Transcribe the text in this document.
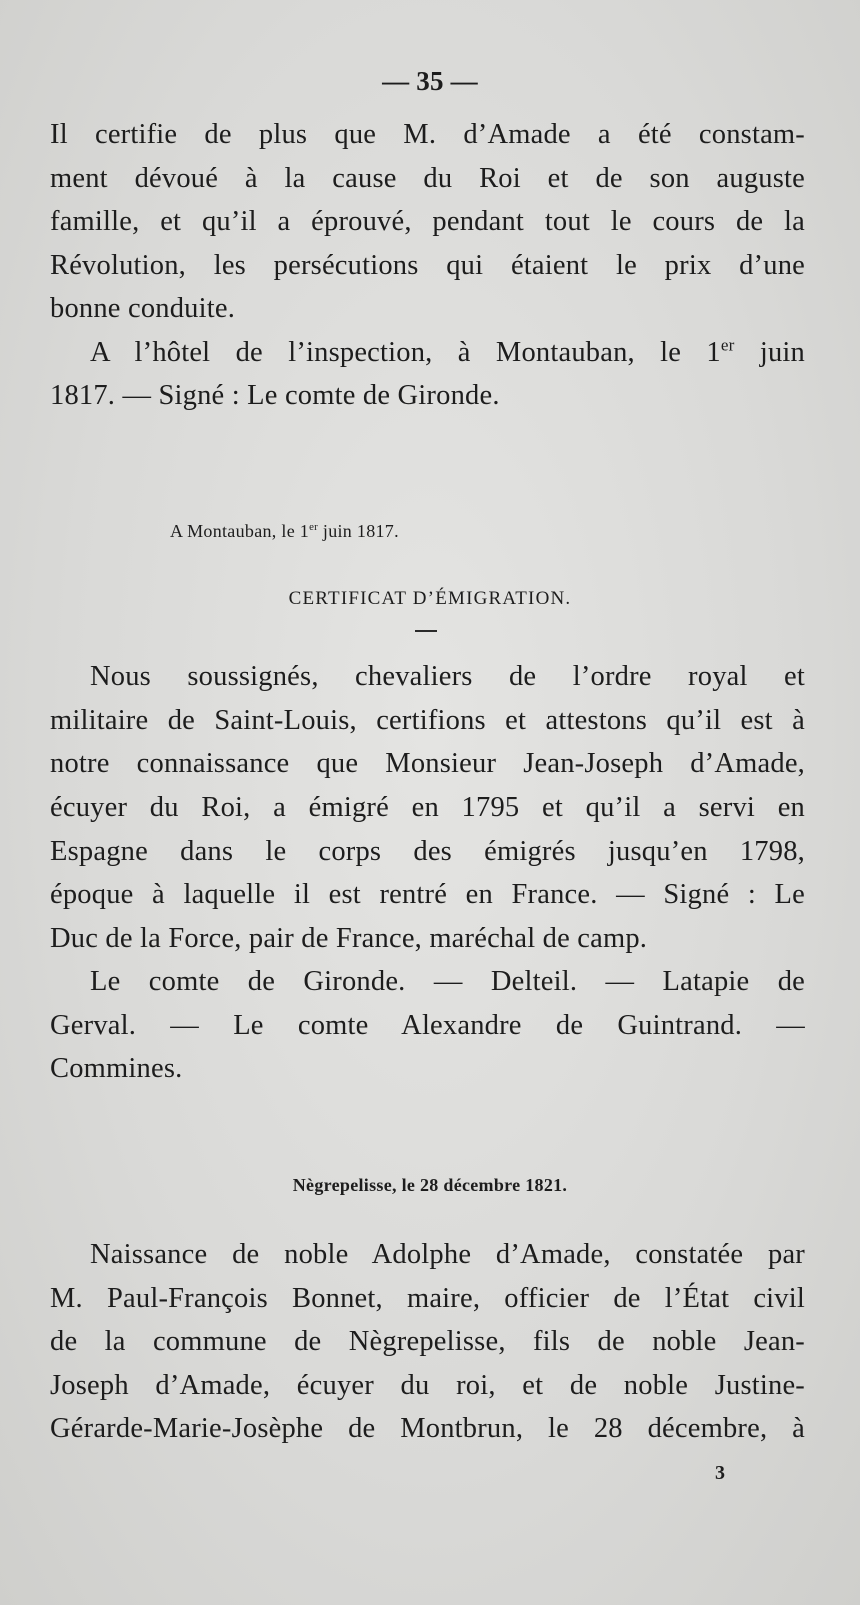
— 35 —
Il certifie de plus que M. d’Amade a été constam-
ment dévoué à la cause du Roi et de son auguste
famille, et qu’il a éprouvé, pendant tout le cours de la
Révolution, les persécutions qui étaient le prix d’une
bonne conduite.
A l’hôtel de l’inspection, à Montauban, le 1er juin
1817. — Signé : Le comte de Gironde.
A Montauban, le 1er juin 1817.
CERTIFICAT D’ÉMIGRATION.
Nous soussignés, chevaliers de l’ordre royal et
militaire de Saint-Louis, certifions et attestons qu’il est à
notre connaissance que Monsieur Jean-Joseph d’Amade,
écuyer du Roi, a émigré en 1795 et qu’il a servi en
Espagne dans le corps des émigrés jusqu’en 1798,
époque à laquelle il est rentré en France. — Signé : Le
Duc de la Force, pair de France, maréchal de camp.
Le comte de Gironde. — Delteil. — Latapie de
Gerval. — Le comte Alexandre de Guintrand. —
Commines.
Nègrepelisse, le 28 décembre 1821.
Naissance de noble Adolphe d’Amade, constatée par
M. Paul-François Bonnet, maire, officier de l’État civil
de la commune de Nègrepelisse, fils de noble Jean-
Joseph d’Amade, écuyer du roi, et de noble Justine-
Gérarde-Marie-Josèphe de Montbrun, le 28 décembre, à
3
